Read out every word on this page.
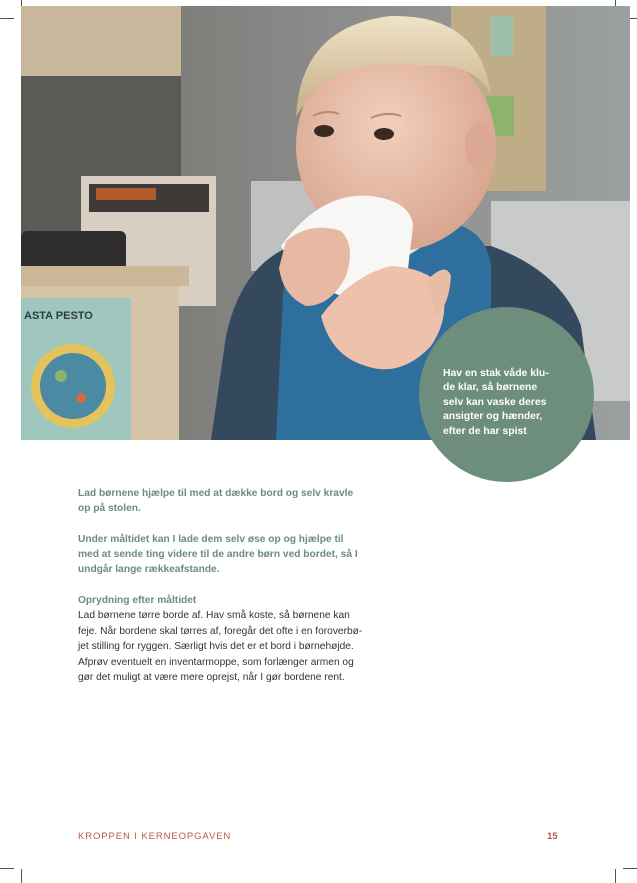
ASTA PESTO
Hav en stak våde klu-
de klar, så børnene
selv kan vaske deres
ansigter og hænder,
efter de har spist

Lad børnene hjælpe til med at dække bord og selv kravle
op på stolen.

Under måltidet kan I lade dem selv øse op og hjælpe til
med at sende ting videre til de andre børn ved bordet, så I
undgår lange rækkeafstande.

Oprydning efter måltidet

Lad børnene tørre borde af. Hav små koste, så børnene kan
feje. Når bordene skal tørres af, foregår det ofte i en foroverbø-
jet stilling for ryggen. Særligt hvis det er et bord i børnehøjde.
Afprøv eventuelt en inventarmoppe, som forlænger armen og
gør det muligt at være mere oprejst, når I gør bordene rent.

KROPPEN I KERNEOPGAVEN	15
